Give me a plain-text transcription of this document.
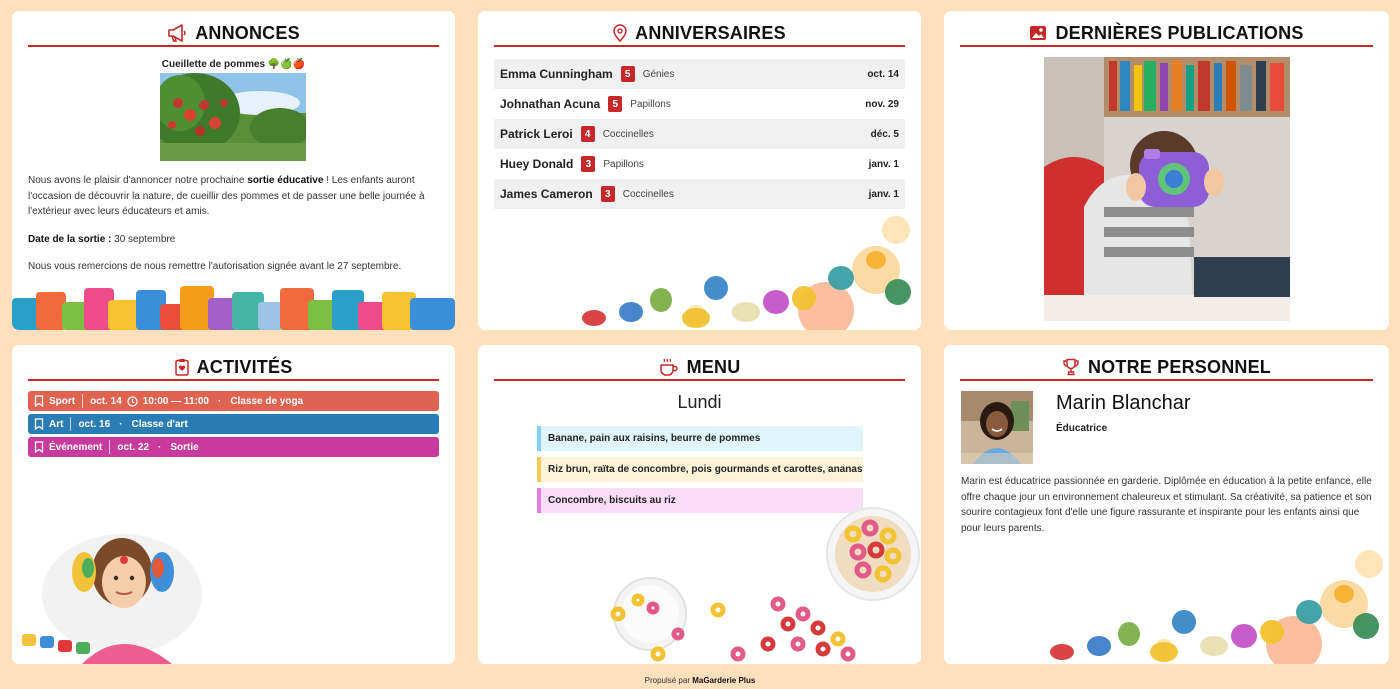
ANNONCES
Cueillette de pommes 🌳🍏🍎

Nous avons le plaisir d'annoncer notre prochaine sortie éducative ! Les enfants auront l'occasion de découvrir la nature, de cueillir des pommes et de passer une belle journée à l'extérieur avec leurs éducateurs et amis.

Date de la sortie : 30 septembre

Nous vous remercions de nous remettre l'autorisation signée avant le 27 septembre.

ANNIVERSAIRES
Emma Cunningham	5	Génies	oct. 14
Johnathan Acuna	5	Papillons	nov. 29
Patrick Leroi	4	Coccinelles	déc. 5
Huey Donald	3	Papillons	janv. 1
James Cameron	3	Coccinelles	janv. 1
DERNIÈRES PUBLICATIONS
ACTIVITÉS
Sport oct. 14 10:00 — 11:00 · Classe de yoga
Art oct. 16 · Classe d'art
Événement oct. 22 · Sortie
MENU
Lundi
Banane, pain aux raisins, beurre de pommes
Riz brun, raïta de concombre, pois gourmands et carottes, ananas
Concombre, biscuits au riz
NOTRE PERSONNEL
Marin Blanchar
Éducatrice
Marin est éducatrice passionnée en garderie. Diplômée en éducation à la petite enfance, elle offre chaque jour un environnement chaleureux et stimulant. Sa créativité, sa patience et son sourire contagieux font d'elle une figure rassurante et inspirante pour les enfants ainsi que pour leurs parents.
Propulsé par MaGarderie Plus
